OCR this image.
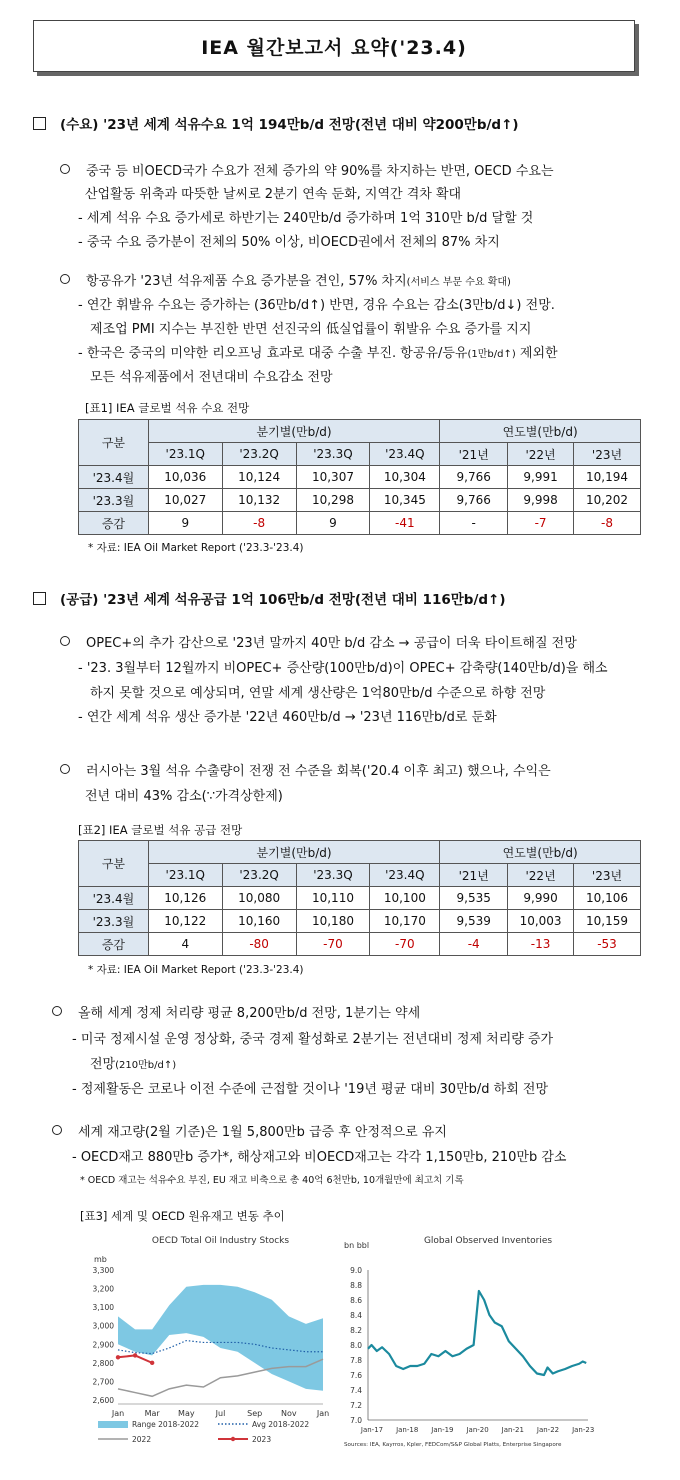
IEA 월간보고서 요약('23.4)
(수요) '23년 세계 석유수요 1억 194만b/d 전망(전년 대비 약200만b/d↑)
중국 등 비OECD국가 수요가 전체 증가의 약 90%를 차지하는 반면, OECD 수요는
산업활동 위축과 따뜻한 날씨로 2분기 연속 둔화, 지역간 격차 확대
- 세계 석유 수요 증가세로 하반기는 240만b/d 증가하며 1억 310만 b/d 달할 것
- 중국 수요 증가분이 전체의 50% 이상, 비OECD권에서 전체의 87% 차지
항공유가 '23년 석유제품 수요 증가분을 견인, 57% 차지(서비스 부문 수요 확대)
- 연간 휘발유 수요는 증가하는 (36만b/d↑) 반면, 경유 수요는 감소(3만b/d↓) 전망.
제조업 PMI 지수는 부진한 반면 선진국의 低실업률이 휘발유 수요 증가를 지지
- 한국은 중국의 미약한 리오프닝 효과로 대중 수출 부진. 항공유/등유(1만b/d↑) 제외한
모든 석유제품에서 전년대비 수요감소 전망
[표1] IEA 글로벌 석유 수요 전망
구분	분기별(만b/d)				연도별(만b/d)		
	'23.1Q	'23.2Q	'23.3Q	'23.4Q	'21년	'22년	'23년
'23.4월	10,036	10,124	10,307	10,304	9,766	9,991	10,194
'23.3월	10,027	10,132	10,298	10,345	9,766	9,998	10,202
증감	9	-8	9	-41	-	-7	-8
* 자료: IEA Oil Market Report ('23.3-'23.4)
(공급) '23년 세계 석유공급 1억 106만b/d 전망(전년 대비 116만b/d↑)
OPEC+의 추가 감산으로 '23년 말까지 40만 b/d 감소 → 공급이 더욱 타이트해질 전망
- '23. 3월부터 12월까지 비OPEC+ 증산량(100만b/d)이 OPEC+ 감축량(140만b/d)을 해소
하지 못할 것으로 예상되며, 연말 세계 생산량은 1억80만b/d 수준으로 하향 전망
- 연간 세계 석유 생산 증가분 '22년 460만b/d → '23년 116만b/d로 둔화
러시아는 3월 석유 수출량이 전쟁 전 수준을 회복('20.4 이후 최고) 했으나, 수익은
전년 대비 43% 감소(∵가격상한제)
[표2] IEA 글로벌 석유 공급 전망
구분	분기별(만b/d)				연도별(만b/d)		
	'23.1Q	'23.2Q	'23.3Q	'23.4Q	'21년	'22년	'23년
'23.4월	10,126	10,080	10,110	10,100	9,535	9,990	10,106
'23.3월	10,122	10,160	10,180	10,170	9,539	10,003	10,159
증감	4	-80	-70	-70	-4	-13	-53
* 자료: IEA Oil Market Report ('23.3-'23.4)
올해 세계 정제 처리량 평균 8,200만b/d 전망, 1분기는 약세
- 미국 정제시설 운영 정상화, 중국 경제 활성화로 2분기는 전년대비 정제 처리량 증가
전망(210만b/d↑)
- 정제활동은 코로나 이전 수준에 근접할 것이나 '19년 평균 대비 30만b/d 하회 전망
세계 재고량(2월 기준)은 1월 5,800만b 급증 후 안정적으로 유지
- OECD재고 880만b 증가*, 해상재고와 비OECD재고는 각각 1,150만b, 210만b 감소
* OECD 재고는 석유수요 부진, EU 재고 비축으로 총 40억 6천만b, 10개월만에 최고치 기록
[표3] 세계 및 OECD 원유재고 변동 추이
OECD Total Oil Industry Stocks
mb
2,600
2,700
2,800
2,900
3,000
3,100
3,200
3,300
Jan	Mar May	Jul	Sep Nov	Jan
Range 2018-2022	Avg 2018-2022
2022	2023
Global Observed Inventories
bn bbl
7.0
7.2
7.4
7.6
7.8
8.0
8.2
8.4
8.6
8.8
9.0
Jan-17 Jan-18 Jan-19 Jan-20 Jan-21 Jan-22 Jan-23
Sources: IEA, Kayrros, Kpler, FEDCom/S&P Global Platts, Enterprise Singapore
